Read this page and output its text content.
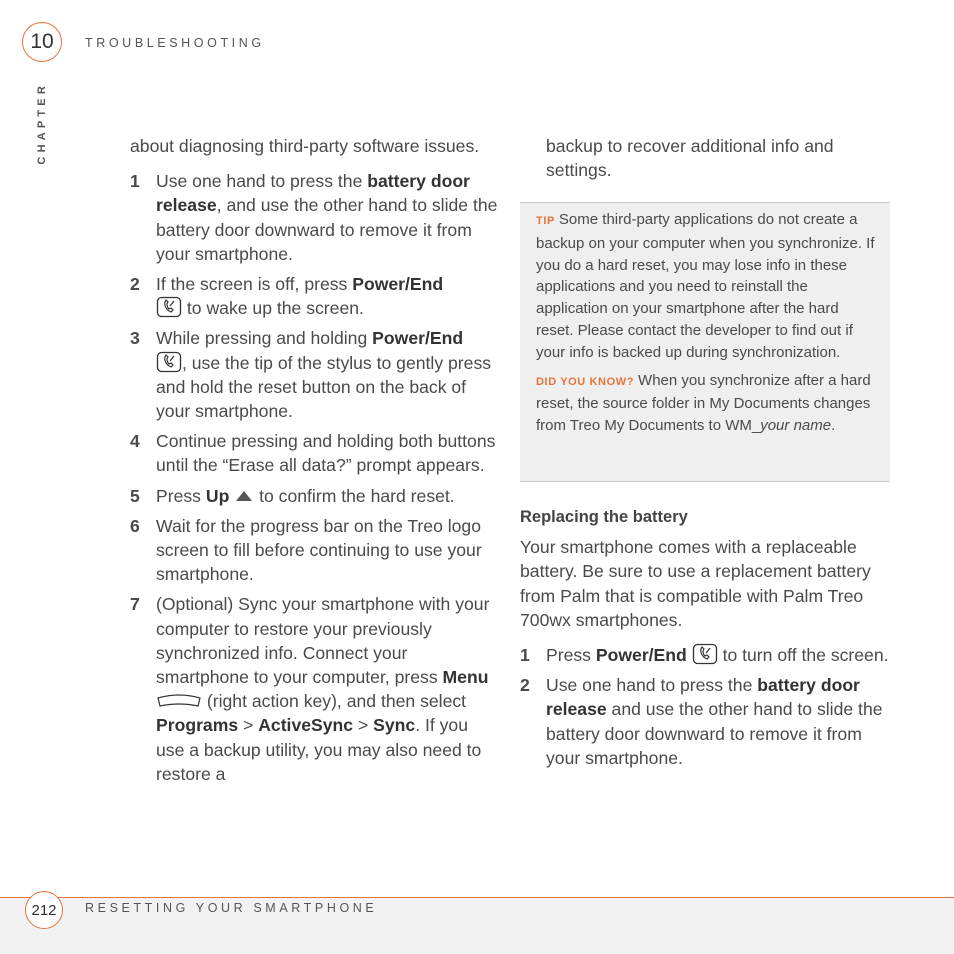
10	TROUBLESHOOTING
CHAPTER	about diagnosing third-party software issues.

1 Use one hand to press the battery door release, and use the other hand to slide the battery door downward to remove it from your smartphone.
2 If the screen is off, press Power/End

to wake up the screen.
3 While pressing and holding Power/End

, use the tip of the stylus to gently press and hold the reset button on the back of your smartphone.
4 Continue pressing and holding both buttons until the “Erase all data?” prompt appears.
5 Press Up
to confirm the hard reset.
6 Wait for the progress bar on the Treo logo screen to fill before continuing to use your smartphone.
7 (Optional) Sync your smartphone with your computer to restore your previously synchronized info. Connect your smartphone to your computer, press Menu
(right action key), and then select Programs > ActiveSync > Sync. If you use a backup utility, you may also need to restore a

backup to recover additional info and settings.

TIP Some third-party applications do not create a backup on your computer when you synchronize. If you do a hard reset, you may lose info in these applications and you need to reinstall the application on your smartphone after the hard reset. Please contact the developer to find out if your info is backed up during synchronization.
DID YOU KNOW? When you synchronize after a hard reset, the source folder in My Documents changes from Treo My Documents to WM_your name.

Replacing the battery

Your smartphone comes with a replaceable battery. Be sure to use a replacement battery from Palm that is compatible with Palm Treo 700wx smartphones.

1 Press Power/End
to turn off the screen.
2 Use one hand to press the battery door release and use the other hand to slide the battery door downward to remove it from your smartphone.
212 RESETTING YOUR SMARTPHONE
